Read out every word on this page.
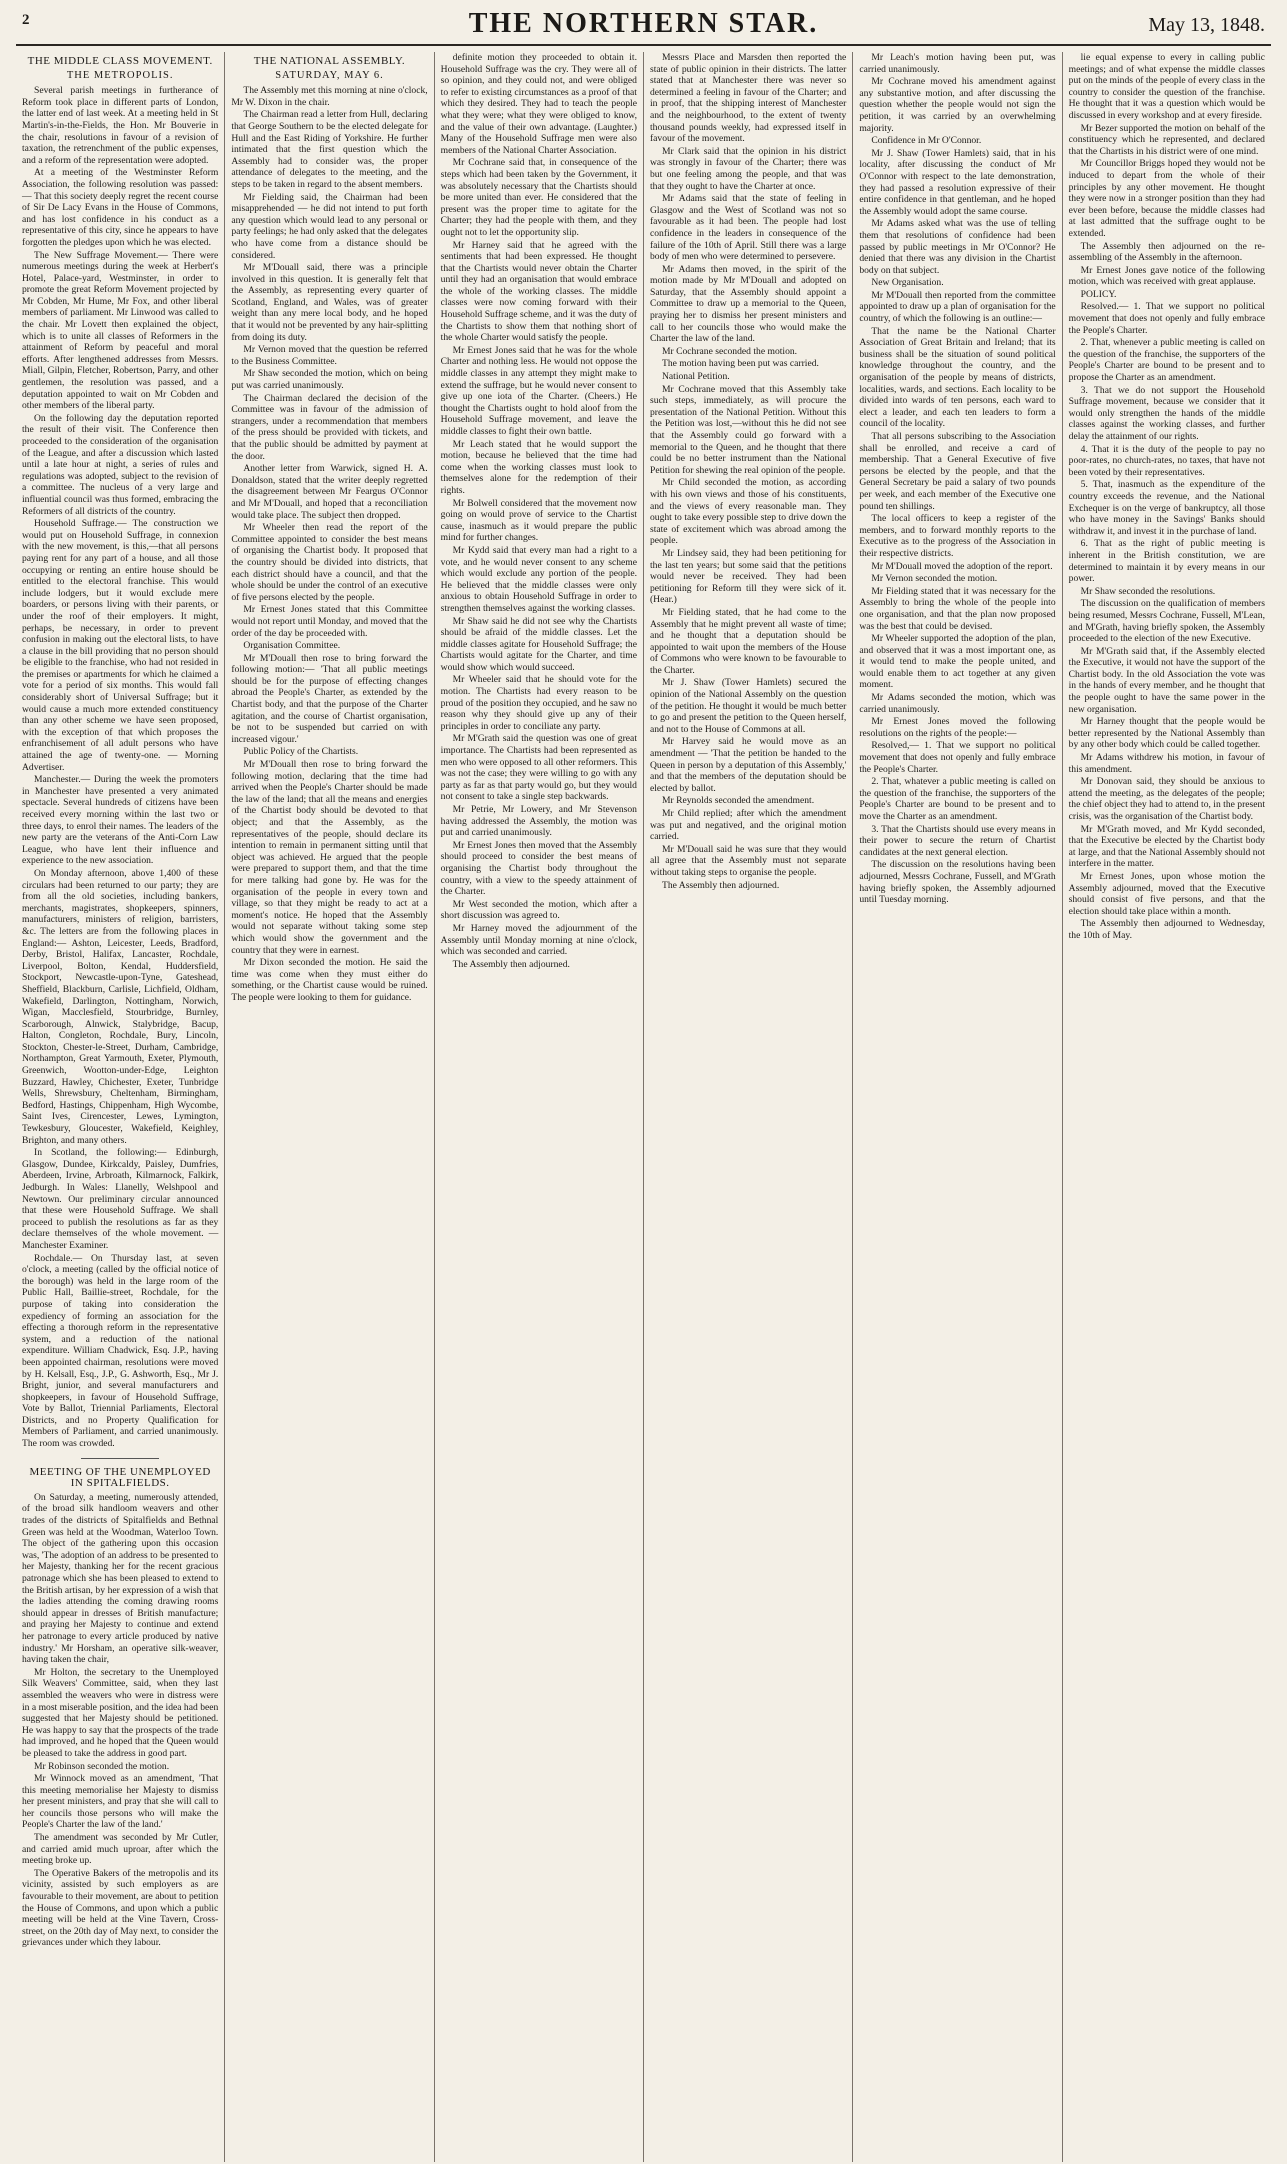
2	THE NORTHERN STAR.	May 13, 1848.
THE MIDDLE CLASS MOVEMENT.
THE METROPOLIS.

Several parish meetings in furtherance of Reform took place in different parts of London, the latter end of last week. At a meeting held in St Martin's-in-the-Fields, the Hon. Mr Bouverie in the chair, resolutions in favour of a revision of taxation, the retrenchment of the public expenses, and a reform of the representation were adopted.

At a meeting of the Westminster Reform Association, the following resolution was passed:— That this society deeply regret the recent course of Sir De Lacy Evans in the House of Commons, and has lost confidence in his conduct as a representative of this city, since he appears to have forgotten the pledges upon which he was elected.

The New Suffrage Movement.— There were numerous meetings during the week at Herbert's Hotel, Palace-yard, Westminster, in order to promote the great Reform Movement projected by Mr Cobden, Mr Hume, Mr Fox, and other liberal members of parliament. Mr Linwood was called to the chair. Mr Lovett then explained the object, which is to unite all classes of Reformers in the attainment of Reform by peaceful and moral efforts. After lengthened addresses from Messrs. Miall, Gilpin, Fletcher, Robertson, Parry, and other gentlemen, the resolution was passed, and a deputation appointed to wait on Mr Cobden and other members of the liberal party.

On the following day the deputation reported the result of their visit. The Conference then proceeded to the consideration of the organisation of the League, and after a discussion which lasted until a late hour at night, a series of rules and regulations was adopted, subject to the revision of a committee. The nucleus of a very large and influential council was thus formed, embracing the Reformers of all districts of the country.

Household Suffrage.— The construction we would put on Household Suffrage, in connexion with the new movement, is this,—that all persons paying rent for any part of a house, and all those occupying or renting an entire house should be entitled to the electoral franchise. This would include lodgers, but it would exclude mere boarders, or persons living with their parents, or under the roof of their employers. It might, perhaps, be necessary, in order to prevent confusion in making out the electoral lists, to have a clause in the bill providing that no person should be eligible to the franchise, who had not resided in the premises or apartments for which he claimed a vote for a period of six months. This would fall considerably short of Universal Suffrage; but it would cause a much more extended constituency than any other scheme we have seen proposed, with the exception of that which proposes the enfranchisement of all adult persons who have attained the age of twenty-one. — Morning Advertiser.

Manchester.— During the week the promoters in Manchester have presented a very animated spectacle. Several hundreds of citizens have been received every morning within the last two or three days, to enrol their names. The leaders of the new party are the veterans of the Anti-Corn Law League, who have lent their influence and experience to the new association.

On Monday afternoon, above 1,400 of these circulars had been returned to our party; they are from all the old societies, including bankers, merchants, magistrates, shopkeepers, spinners, manufacturers, ministers of religion, barristers, &c. The letters are from the following places in England:— Ashton, Leicester, Leeds, Bradford, Derby, Bristol, Halifax, Lancaster, Rochdale, Liverpool, Bolton, Kendal, Huddersfield, Stockport, Newcastle-upon-Tyne, Gateshead, Sheffield, Blackburn, Carlisle, Lichfield, Oldham, Wakefield, Darlington, Nottingham, Norwich, Wigan, Macclesfield, Stourbridge, Burnley, Scarborough, Alnwick, Stalybridge, Bacup, Halton, Congleton, Rochdale, Bury, Lincoln, Stockton, Chester-le-Street, Durham, Cambridge, Northampton, Great Yarmouth, Exeter, Plymouth, Greenwich, Wootton-under-Edge, Leighton Buzzard, Hawley, Chichester, Exeter, Tunbridge Wells, Shrewsbury, Cheltenham, Birmingham, Bedford, Hastings, Chippenham, High Wycombe, Saint Ives, Cirencester, Lewes, Lymington, Tewkesbury, Gloucester, Wakefield, Keighley, Brighton, and many others.

In Scotland, the following:— Edinburgh, Glasgow, Dundee, Kirkcaldy, Paisley, Dumfries, Aberdeen, Irvine, Arbroath, Kilmarnock, Falkirk, Jedburgh. In Wales: Llanelly, Welshpool and Newtown. Our preliminary circular announced that these were Household Suffrage. We shall proceed to publish the resolutions as far as they declare themselves of the whole movement. — Manchester Examiner.

Rochdale.— On Thursday last, at seven o'clock, a meeting (called by the official notice of the borough) was held in the large room of the Public Hall, Baillie-street, Rochdale, for the purpose of taking into consideration the expediency of forming an association for the effecting a thorough reform in the representative system, and a reduction of the national expenditure. William Chadwick, Esq. J.P., having been appointed chairman, resolutions were moved by H. Kelsall, Esq., J.P., G. Ashworth, Esq., Mr J. Bright, junior, and several manufacturers and shopkeepers, in favour of Household Suffrage, Vote by Ballot, Triennial Parliaments, Electoral Districts, and no Property Qualification for Members of Parliament, and carried unanimously. The room was crowded.

MEETING OF THE UNEMPLOYED IN SPITALFIELDS.

On Saturday, a meeting, numerously attended, of the broad silk handloom weavers and other trades of the districts of Spitalfields and Bethnal Green was held at the Woodman, Waterloo Town. The object of the gathering upon this occasion was, 'The adoption of an address to be presented to her Majesty, thanking her for the recent gracious patronage which she has been pleased to extend to the British artisan, by her expression of a wish that the ladies attending the coming drawing rooms should appear in dresses of British manufacture; and praying her Majesty to continue and extend her patronage to every article produced by native industry.' Mr Horsham, an operative silk-weaver, having taken the chair,

Mr Holton, the secretary to the Unemployed Silk Weavers' Committee, said, when they last assembled the weavers who were in distress were in a most miserable position, and the idea had been suggested that her Majesty should be petitioned. He was happy to say that the prospects of the trade had improved, and he hoped that the Queen would be pleased to take the address in good part.

Mr Robinson seconded the motion.

Mr Winnock moved as an amendment, 'That this meeting memorialise her Majesty to dismiss her present ministers, and pray that she will call to her councils those persons who will make the People's Charter the law of the land.'

The amendment was seconded by Mr Cutler, and carried amid much uproar, after which the meeting broke up.

The Operative Bakers of the metropolis and its vicinity, assisted by such employers as are favourable to their movement, are about to petition the House of Commons, and upon which a public meeting will be held at the Vine Tavern, Cross-street, on the 20th day of May next, to consider the grievances under which they labour.

THE NATIONAL ASSEMBLY.
SATURDAY, MAY 6.

The Assembly met this morning at nine o'clock, Mr W. Dixon in the chair.

The Chairman read a letter from Hull, declaring that George Southern to be the elected delegate for Hull and the East Riding of Yorkshire. He further intimated that the first question which the Assembly had to consider was, the proper attendance of delegates to the meeting, and the steps to be taken in regard to the absent members.

Mr Fielding said, the Chairman had been misapprehended — he did not intend to put forth any question which would lead to any personal or party feelings; he had only asked that the delegates who have come from a distance should be considered.

Mr M'Douall said, there was a principle involved in this question. It is generally felt that the Assembly, as representing every quarter of Scotland, England, and Wales, was of greater weight than any mere local body, and he hoped that it would not be prevented by any hair-splitting from doing its duty.

Mr Vernon moved that the question be referred to the Business Committee.

Mr Shaw seconded the motion, which on being put was carried unanimously.

The Chairman declared the decision of the Committee was in favour of the admission of strangers, under a recommendation that members of the press should be provided with tickets, and that the public should be admitted by payment at the door.

Another letter from Warwick, signed H. A. Donaldson, stated that the writer deeply regretted the disagreement between Mr Feargus O'Connor and Mr M'Douall, and hoped that a reconciliation would take place. The subject then dropped.

Mr Wheeler then read the report of the Committee appointed to consider the best means of organising the Chartist body. It proposed that the country should be divided into districts, that each district should have a council, and that the whole should be under the control of an executive of five persons elected by the people.

Mr Ernest Jones stated that this Committee would not report until Monday, and moved that the order of the day be proceeded with.

Organisation Committee.

Mr M'Douall then rose to bring forward the following motion:— 'That all public meetings should be for the purpose of effecting changes abroad the People's Charter, as extended by the Chartist body, and that the purpose of the Charter agitation, and the course of Chartist organisation, be not to be suspended but carried on with increased vigour.'

Public Policy of the Chartists.

Mr M'Douall then rose to bring forward the following motion, declaring that the time had arrived when the People's Charter should be made the law of the land; that all the means and energies of the Chartist body should be devoted to that object; and that the Assembly, as the representatives of the people, should declare its intention to remain in permanent sitting until that object was achieved. He argued that the people were prepared to support them, and that the time for mere talking had gone by. He was for the organisation of the people in every town and village, so that they might be ready to act at a moment's notice. He hoped that the Assembly would not separate without taking some step which would show the government and the country that they were in earnest.

Mr Dixon seconded the motion. He said the time was come when they must either do something, or the Chartist cause would be ruined. The people were looking to them for guidance.

definite motion they proceeded to obtain it. Household Suffrage was the cry. They were all of so opinion, and they could not, and were obliged to refer to existing circumstances as a proof of that which they desired. They had to teach the people what they were; what they were obliged to know, and the value of their own advantage. (Laughter.) Many of the Household Suffrage men were also members of the National Charter Association.

Mr Cochrane said that, in consequence of the steps which had been taken by the Government, it was absolutely necessary that the Chartists should be more united than ever. He considered that the present was the proper time to agitate for the Charter; they had the people with them, and they ought not to let the opportunity slip.

Mr Harney said that he agreed with the sentiments that had been expressed. He thought that the Chartists would never obtain the Charter until they had an organisation that would embrace the whole of the working classes. The middle classes were now coming forward with their Household Suffrage scheme, and it was the duty of the Chartists to show them that nothing short of the whole Charter would satisfy the people.

Mr Ernest Jones said that he was for the whole Charter and nothing less. He would not oppose the middle classes in any attempt they might make to extend the suffrage, but he would never consent to give up one iota of the Charter. (Cheers.) He thought the Chartists ought to hold aloof from the Household Suffrage movement, and leave the middle classes to fight their own battle.

Mr Leach stated that he would support the motion, because he believed that the time had come when the working classes must look to themselves alone for the redemption of their rights.

Mr Bolwell considered that the movement now going on would prove of service to the Chartist cause, inasmuch as it would prepare the public mind for further changes.

Mr Kydd said that every man had a right to a vote, and he would never consent to any scheme which would exclude any portion of the people. He believed that the middle classes were only anxious to obtain Household Suffrage in order to strengthen themselves against the working classes.

Mr Shaw said he did not see why the Chartists should be afraid of the middle classes. Let the middle classes agitate for Household Suffrage; the Chartists would agitate for the Charter, and time would show which would succeed.

Mr Wheeler said that he should vote for the motion. The Chartists had every reason to be proud of the position they occupied, and he saw no reason why they should give up any of their principles in order to conciliate any party.

Mr M'Grath said the question was one of great importance. The Chartists had been represented as men who were opposed to all other reformers. This was not the case; they were willing to go with any party as far as that party would go, but they would not consent to take a single step backwards.

Mr Petrie, Mr Lowery, and Mr Stevenson having addressed the Assembly, the motion was put and carried unanimously.

Mr Ernest Jones then moved that the Assembly should proceed to consider the best means of organising the Chartist body throughout the country, with a view to the speedy attainment of the Charter.

Mr West seconded the motion, which after a short discussion was agreed to.

Mr Harney moved the adjournment of the Assembly until Monday morning at nine o'clock, which was seconded and carried.

The Assembly then adjourned.

Messrs Place and Marsden then reported the state of public opinion in their districts. The latter stated that at Manchester there was never so determined a feeling in favour of the Charter; and in proof, that the shipping interest of Manchester and the neighbourhood, to the extent of twenty thousand pounds weekly, had expressed itself in favour of the movement.

Mr Clark said that the opinion in his district was strongly in favour of the Charter; there was but one feeling among the people, and that was that they ought to have the Charter at once.

Mr Adams said that the state of feeling in Glasgow and the West of Scotland was not so favourable as it had been. The people had lost confidence in the leaders in consequence of the failure of the 10th of April. Still there was a large body of men who were determined to persevere.

Mr Adams then moved, in the spirit of the motion made by Mr M'Douall and adopted on Saturday, that the Assembly should appoint a Committee to draw up a memorial to the Queen, praying her to dismiss her present ministers and call to her councils those who would make the Charter the law of the land.

Mr Cochrane seconded the motion.

The motion having been put was carried.

National Petition.

Mr Cochrane moved that this Assembly take such steps, immediately, as will procure the presentation of the National Petition. Without this the Petition was lost,—without this he did not see that the Assembly could go forward with a memorial to the Queen, and he thought that there could be no better instrument than the National Petition for shewing the real opinion of the people.

Mr Child seconded the motion, as according with his own views and those of his constituents, and the views of every reasonable man. They ought to take every possible step to drive down the state of excitement which was abroad among the people.

Mr Lindsey said, they had been petitioning for the last ten years; but some said that the petitions would never be received. They had been petitioning for Reform till they were sick of it. (Hear.)

Mr Fielding stated, that he had come to the Assembly that he might prevent all waste of time; and he thought that a deputation should be appointed to wait upon the members of the House of Commons who were known to be favourable to the Charter.

Mr J. Shaw (Tower Hamlets) secured the opinion of the National Assembly on the question of the petition. He thought it would be much better to go and present the petition to the Queen herself, and not to the House of Commons at all.

Mr Harvey said he would move as an amendment — 'That the petition be handed to the Queen in person by a deputation of this Assembly,' and that the members of the deputation should be elected by ballot.

Mr Reynolds seconded the amendment.

Mr Child replied; after which the amendment was put and negatived, and the original motion carried.

Mr M'Douall said he was sure that they would all agree that the Assembly must not separate without taking steps to organise the people.

The Assembly then adjourned.

Mr Leach's motion having been put, was carried unanimously.

Mr Cochrane moved his amendment against any substantive motion, and after discussing the question whether the people would not sign the petition, it was carried by an overwhelming majority.

Confidence in Mr O'Connor.

Mr J. Shaw (Tower Hamlets) said, that in his locality, after discussing the conduct of Mr O'Connor with respect to the late demonstration, they had passed a resolution expressive of their entire confidence in that gentleman, and he hoped the Assembly would adopt the same course.

Mr Adams asked what was the use of telling them that resolutions of confidence had been passed by public meetings in Mr O'Connor? He denied that there was any division in the Chartist body on that subject.

New Organisation.

Mr M'Douall then reported from the committee appointed to draw up a plan of organisation for the country, of which the following is an outline:—

That the name be the National Charter Association of Great Britain and Ireland; that its business shall be the situation of sound political knowledge throughout the country, and the organisation of the people by means of districts, localities, wards, and sections. Each locality to be divided into wards of ten persons, each ward to elect a leader, and each ten leaders to form a council of the locality.

That all persons subscribing to the Association shall be enrolled, and receive a card of membership. That a General Executive of five persons be elected by the people, and that the General Secretary be paid a salary of two pounds per week, and each member of the Executive one pound ten shillings.

The local officers to keep a register of the members, and to forward monthly reports to the Executive as to the progress of the Association in their respective districts.

Mr M'Douall moved the adoption of the report.

Mr Vernon seconded the motion.

Mr Fielding stated that it was necessary for the Assembly to bring the whole of the people into one organisation, and that the plan now proposed was the best that could be devised.

Mr Wheeler supported the adoption of the plan, and observed that it was a most important one, as it would tend to make the people united, and would enable them to act together at any given moment.

Mr Adams seconded the motion, which was carried unanimously.

Mr Ernest Jones moved the following resolutions on the rights of the people:—

Resolved,— 1. That we support no political movement that does not openly and fully embrace the People's Charter.

2. That, whatever a public meeting is called on the question of the franchise, the supporters of the People's Charter are bound to be present and to move the Charter as an amendment.

3. That the Chartists should use every means in their power to secure the return of Chartist candidates at the next general election.

The discussion on the resolutions having been adjourned, Messrs Cochrane, Fussell, and M'Grath having briefly spoken, the Assembly adjourned until Tuesday morning.

lie equal expense to every in calling public meetings; and of what expense the middle classes put on the minds of the people of every class in the country to consider the question of the franchise. He thought that it was a question which would be discussed in every workshop and at every fireside.

Mr Bezer supported the motion on behalf of the constituency which he represented, and declared that the Chartists in his district were of one mind.

Mr Councillor Briggs hoped they would not be induced to depart from the whole of their principles by any other movement. He thought they were now in a stronger position than they had ever been before, because the middle classes had at last admitted that the suffrage ought to be extended.

The Assembly then adjourned on the re-assembling of the Assembly in the afternoon.

Mr Ernest Jones gave notice of the following motion, which was received with great applause.

POLICY.

Resolved.— 1. That we support no political movement that does not openly and fully embrace the People's Charter.

2. That, whenever a public meeting is called on the question of the franchise, the supporters of the People's Charter are bound to be present and to propose the Charter as an amendment.

3. That we do not support the Household Suffrage movement, because we consider that it would only strengthen the hands of the middle classes against the working classes, and further delay the attainment of our rights.

4. That it is the duty of the people to pay no poor-rates, no church-rates, no taxes, that have not been voted by their representatives.

5. That, inasmuch as the expenditure of the country exceeds the revenue, and the National Exchequer is on the verge of bankruptcy, all those who have money in the Savings' Banks should withdraw it, and invest it in the purchase of land.

6. That as the right of public meeting is inherent in the British constitution, we are determined to maintain it by every means in our power.

Mr Shaw seconded the resolutions.

The discussion on the qualification of members being resumed, Messrs Cochrane, Fussell, M'Lean, and M'Grath, having briefly spoken, the Assembly proceeded to the election of the new Executive.

Mr M'Grath said that, if the Assembly elected the Executive, it would not have the support of the Chartist body. In the old Association the vote was in the hands of every member, and he thought that the people ought to have the same power in the new organisation.

Mr Harney thought that the people would be better represented by the National Assembly than by any other body which could be called together.

Mr Adams withdrew his motion, in favour of this amendment.

Mr Donovan said, they should be anxious to attend the meeting, as the delegates of the people; the chief object they had to attend to, in the present crisis, was the organisation of the Chartist body.

Mr M'Grath moved, and Mr Kydd seconded, that the Executive be elected by the Chartist body at large, and that the National Assembly should not interfere in the matter.

Mr Ernest Jones, upon whose motion the Assembly adjourned, moved that the Executive should consist of five persons, and that the election should take place within a month.

The Assembly then adjourned to Wednesday, the 10th of May.
